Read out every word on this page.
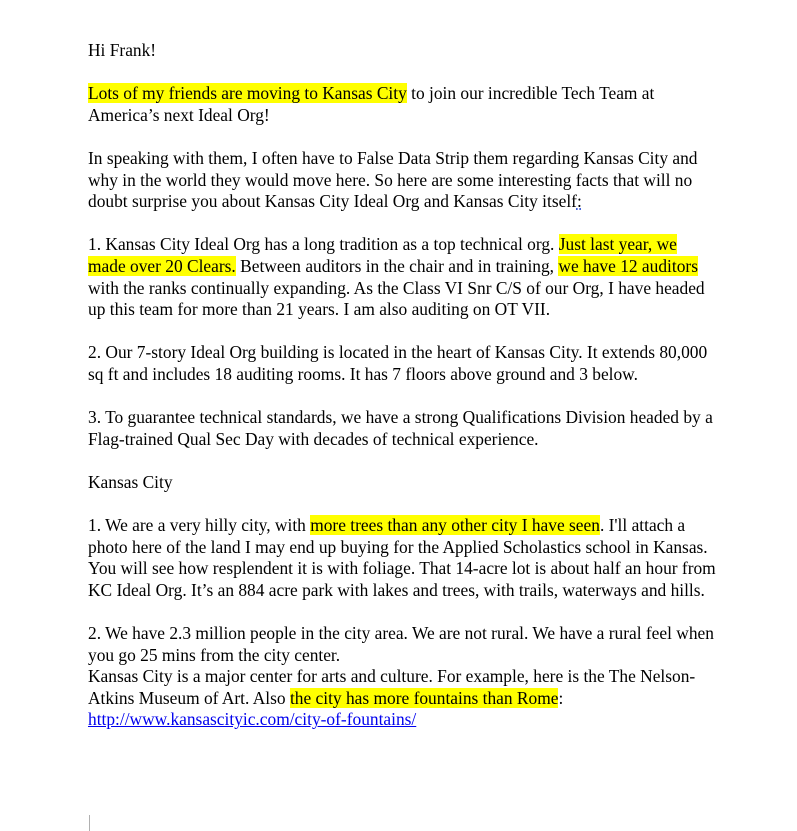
Hi Frank!

Lots of my friends are moving to Kansas City to join our incredible Tech Team at America’s next Ideal Org!

In speaking with them, I often have to False Data Strip them regarding Kansas City and why in the world they would move here. So here are some interesting facts that will no doubt surprise you about Kansas City Ideal Org and Kansas City itself:

1. Kansas City Ideal Org has a long tradition as a top technical org. Just last year, we made over 20 Clears. Between auditors in the chair and in training, we have 12 auditors with the ranks continually expanding. As the Class VI Snr C/S of our Org, I have headed up this team for more than 21 years. I am also auditing on OT VII.

2. Our 7-story Ideal Org building is located in the heart of Kansas City. It extends 80,000 sq ft and includes 18 auditing rooms. It has 7 floors above ground and 3 below.

3. To guarantee technical standards, we have a strong Qualifications Division headed by a Flag-trained Qual Sec Day with decades of technical experience.

Kansas City

1. We are a very hilly city, with more trees than any other city I have seen. I'll attach a photo here of the land I may end up buying for the Applied Scholastics school in Kansas. You will see how resplendent it is with foliage. That 14-acre lot is about half an hour from KC Ideal Org. It’s an 884 acre park with lakes and trees, with trails, waterways and hills.

2. We have 2.3 million people in the city area. We are not rural. We have a rural feel when you go 25 mins from the city center.

Kansas City is a major center for arts and culture. For example, here is the The Nelson-Atkins Museum of Art. Also the city has more fountains than Rome:
http://www.kansascityic.com/city-of-fountains/
